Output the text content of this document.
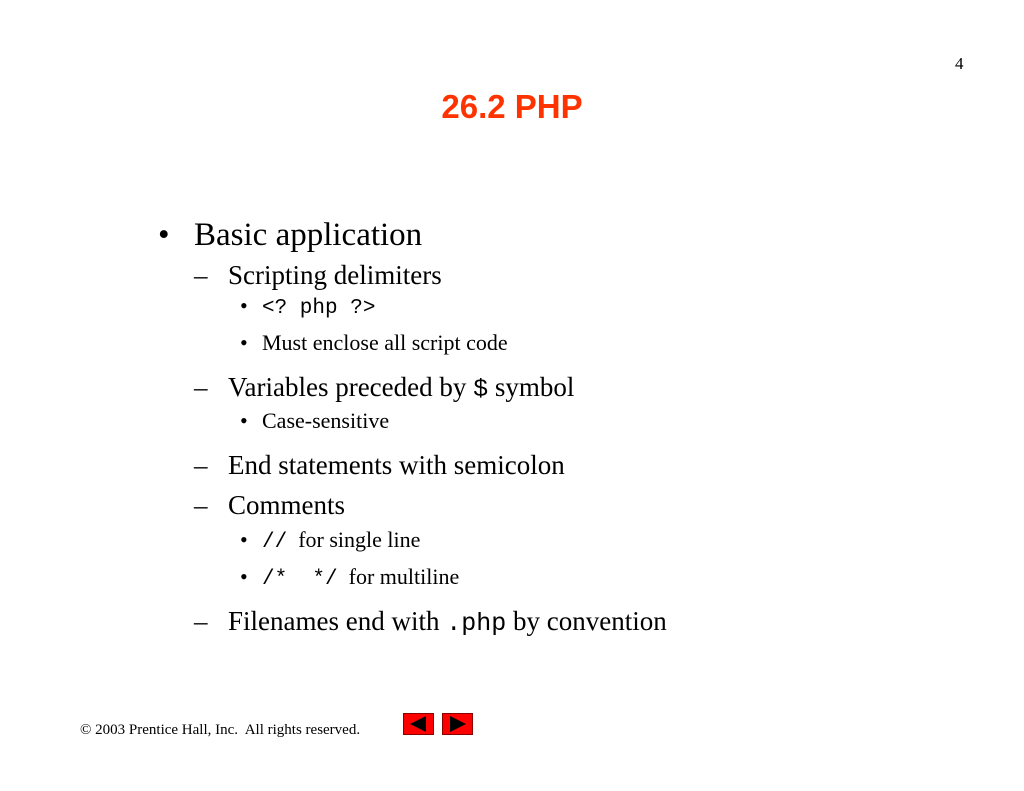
4
26.2 PHP

• Basic application

– Scripting delimiters

• <? php ?>

• Must enclose all script code

– Variables preceded by $ symbol

• Case-sensitive

– End statements with semicolon

– Comments

• //  for single line

• /*  */  for multiline

– Filenames end with .php by convention

© 2003 Prentice Hall, Inc.  All rights reserved.
